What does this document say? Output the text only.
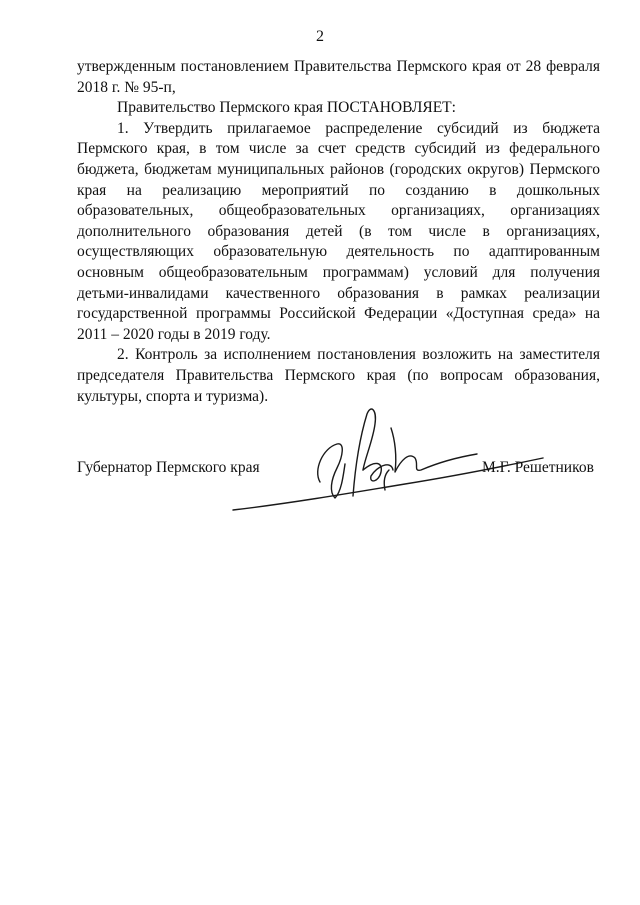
2

утвержденным постановлением Правительства Пермского края от 28 февраля 2018 г. № 95-п,

Правительство Пермского края ПОСТАНОВЛЯЕТ:

1. Утвердить прилагаемое распределение субсидий из бюджета Пермского края, в том числе за счет средств субсидий из федерального бюджета, бюджетам муниципальных районов (городских округов) Пермского края на реализацию мероприятий по созданию в дошкольных образовательных, общеобразовательных организациях, организациях дополнительного образования детей (в том числе в организациях, осуществляющих образовательную деятельность по адаптированным основным общеобразовательным программам) условий для получения детьми-инвалидами качественного образования в рамках реализации государственной программы Российской Федерации «Доступная среда» на 2011 – 2020 годы в 2019 году.

2. Контроль за исполнением постановления возложить на заместителя председателя Правительства Пермского края (по вопросам образования, культуры, спорта и туризма).

Губернатор Пермского края	М.Г. Решетников
